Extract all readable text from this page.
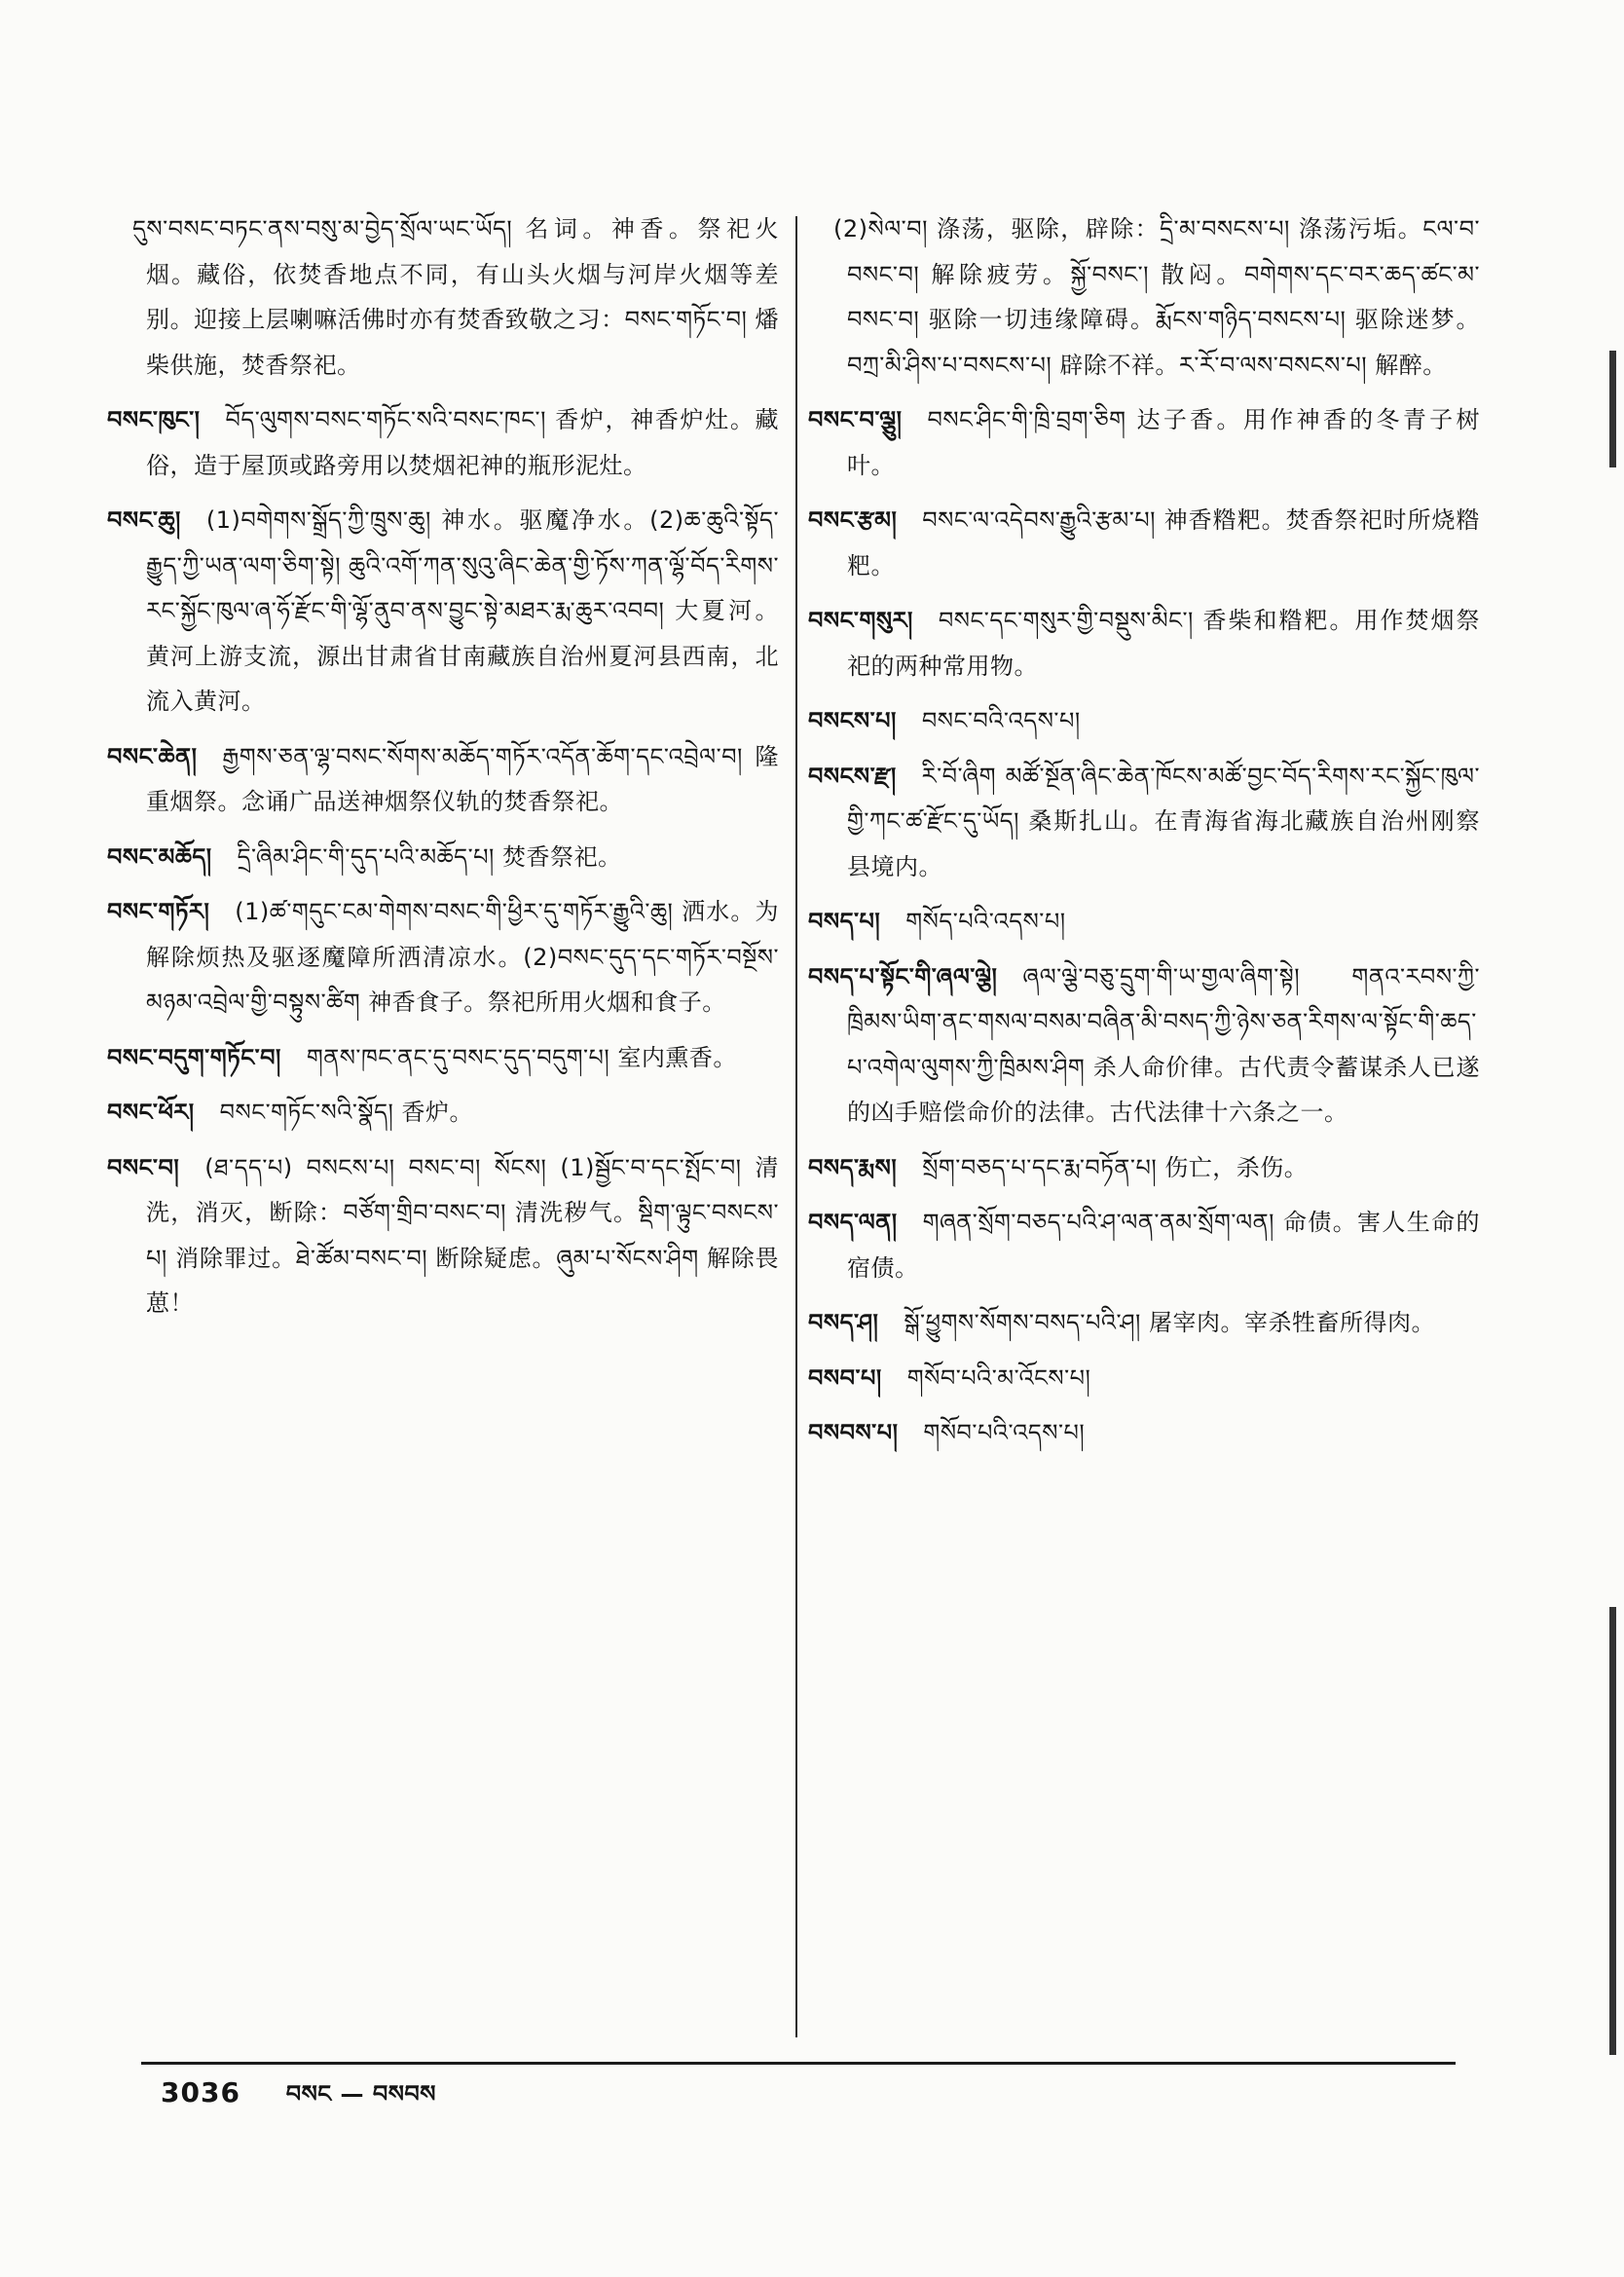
དུས་བསང་བཏང་ནས་བསུ་མ་བྱེད་སྲོལ་ཡང་ཡོད། 名词。神香。祭祀火烟。藏俗，依焚香地点不同，有山头火烟与河岸火烟等差别。迎接上层喇嘛活佛时亦有焚香致敬之习：བསང་གཏོང་བ། 燔柴供施，焚香祭祀。

བསང་ཁུང་། བོད་ལུགས་བསང་གཏོང་སའི་བསང་ཁང་། 香炉，神香炉灶。藏俗，造于屋顶或路旁用以焚烟祀神的瓶形泥灶。

བསང་ཆུ། (1)བགེགས་སྒྲོད་ཀྱི་ཁྲུས་ཆུ། 神水。驱魔净水。(2)ཆ་ཆུའི་སྟོད་རྒྱུད་ཀྱི་ཡན་ལག་ཅིག་སྟེ། ཆུའི་འགོ་ཀན་སུའུ་ཞིང་ཆེན་གྱི་ཏོས་ཀན་ལྷོ་བོད་རིགས་རང་སྐྱོང་ཁུལ་ཞ་ཧོ་རྫོང་གི་ལྷོ་ནུབ་ནས་བྱུང་སྟེ་མཐར་རྨ་ཆུར་འབབ། 大夏河。黄河上游支流，源出甘肃省甘南藏族自治州夏河县西南，北流入黄河。

བསང་ཆེན། རྒྱགས་ཅན་ལྷ་བསང་སོགས་མཆོད་གཏོར་འདོན་ཆོག་དང་འབྲེལ་བ། 隆重烟祭。念诵广品送神烟祭仪轨的焚香祭祀。

བསང་མཆོད། དྲི་ཞིམ་ཤིང་གི་དུད་པའི་མཆོད་པ། 焚香祭祀。

བསང་གཏོར། (1)ཚ་གདུང་ངམ་གེགས་བསང་གི་ཕྱིར་དུ་གཏོར་རྒྱུའི་ཆུ། 洒水。为解除烦热及驱逐魔障所洒清凉水。(2)བསང་དུད་དང་གཏོར་བསྔོས་མཉམ་འབྲེལ་གྱི་བསྟུས་ཚིག 神香食子。祭祀所用火烟和食子。

བསང་བདུག་གཏོང་བ། གནས་ཁང་ནང་དུ་བསང་དུད་བདུག་པ། 室内熏香。

བསང་ཕོར། བསང་གཏོང་སའི་སྣོད། 香炉。

བསང་བ། (ཐ་དད་པ) བསངས་པ། བསང་བ། སོངས། (1)སྦྱོང་བ་དང་སྤོང་བ། 清洗，消灭，断除：བཙོག་གྲིབ་བསང་བ། 清洗秽气。སྡིག་ལྟུང་བསངས་པ། 消除罪过。ཐེ་ཚོམ་བསང་བ། 断除疑虑。ཞུམ་པ་སོངས་ཤིག 解除畏葸！

(2)སེལ་བ། 涤荡，驱除，辟除：དྲི་མ་བསངས་པ། 涤荡污垢。ངལ་བ་བསང་བ། 解除疲劳。སྐྱོ་བསང་། 散闷。བགེགས་དང་བར་ཆད་ཚང་མ་བསང་བ། 驱除一切违缘障碍。རྨོངས་གཉིད་བསངས་པ། 驱除迷梦。བཀྲ་མི་ཤིས་པ་བསངས་པ། 辟除不祥。ར་རོ་བ་ལས་བསངས་པ། 解醉。

བསང་བ་ལྕུ། བསང་ཤིང་གི་ཁྲི་བྲག་ཅིག 达子香。用作神香的冬青子树叶。

བསང་རྩམ། བསང་ལ་འདེབས་རྒྱུའི་རྩམ་པ། 神香糌粑。焚香祭祀时所烧糌粑。

བསང་གསུར། བསང་དང་གསུར་གྱི་བསྡུས་མིང་། 香柴和糌粑。用作焚烟祭祀的两种常用物。

བསངས་པ། བསང་བའི་འདས་པ།

བསངས་རྫ། རི་བོ་ཞིག མཚོ་སྔོན་ཞིང་ཆེན་ཁོངས་མཚོ་བྱང་བོད་རིགས་རང་སྐྱོང་ཁུལ་གྱི་ཀང་ཚ་རྫོང་དུ་ཡོད། 桑斯扎山。在青海省海北藏族自治州刚察县境内。

བསད་པ། གསོད་པའི་འདས་པ།

བསད་པ་སྟོང་གི་ཞལ་ལྕེ། ཞལ་ལྕེ་བཅུ་དྲུག་གི་ཡ་གྱལ་ཞིག་སྟེ། གནའ་རབས་ཀྱི་ཁྲིམས་ཡིག་ནང་གསལ་བསམ་བཞིན་མི་བསད་ཀྱི་ཉེས་ཅན་རིགས་ལ་སྟོང་གི་ཆད་པ་འགེལ་ལུགས་ཀྱི་ཁྲིམས་ཤིག 杀人命价律。古代责令蓄谋杀人已遂的凶手赔偿命价的法律。古代法律十六条之一。

བསད་རྨས། སྲོག་བཅད་པ་དང་རྨ་བཏོན་པ། 伤亡，杀伤。

བསད་ལན། གཞན་སྲོག་བཅད་པའི་ཤ་ལན་ནམ་སྲོག་ལན། 命债。害人生命的宿债。

བསད་ཤ། སྒོ་ཕྱུགས་སོགས་བསད་པའི་ཤ། 屠宰肉。宰杀牲畜所得肉。

བསབ་པ། གསོབ་པའི་མ་འོངས་པ།

བསབས་པ། གསོབ་པའི་འདས་པ།

3036 བསང — བསབས
